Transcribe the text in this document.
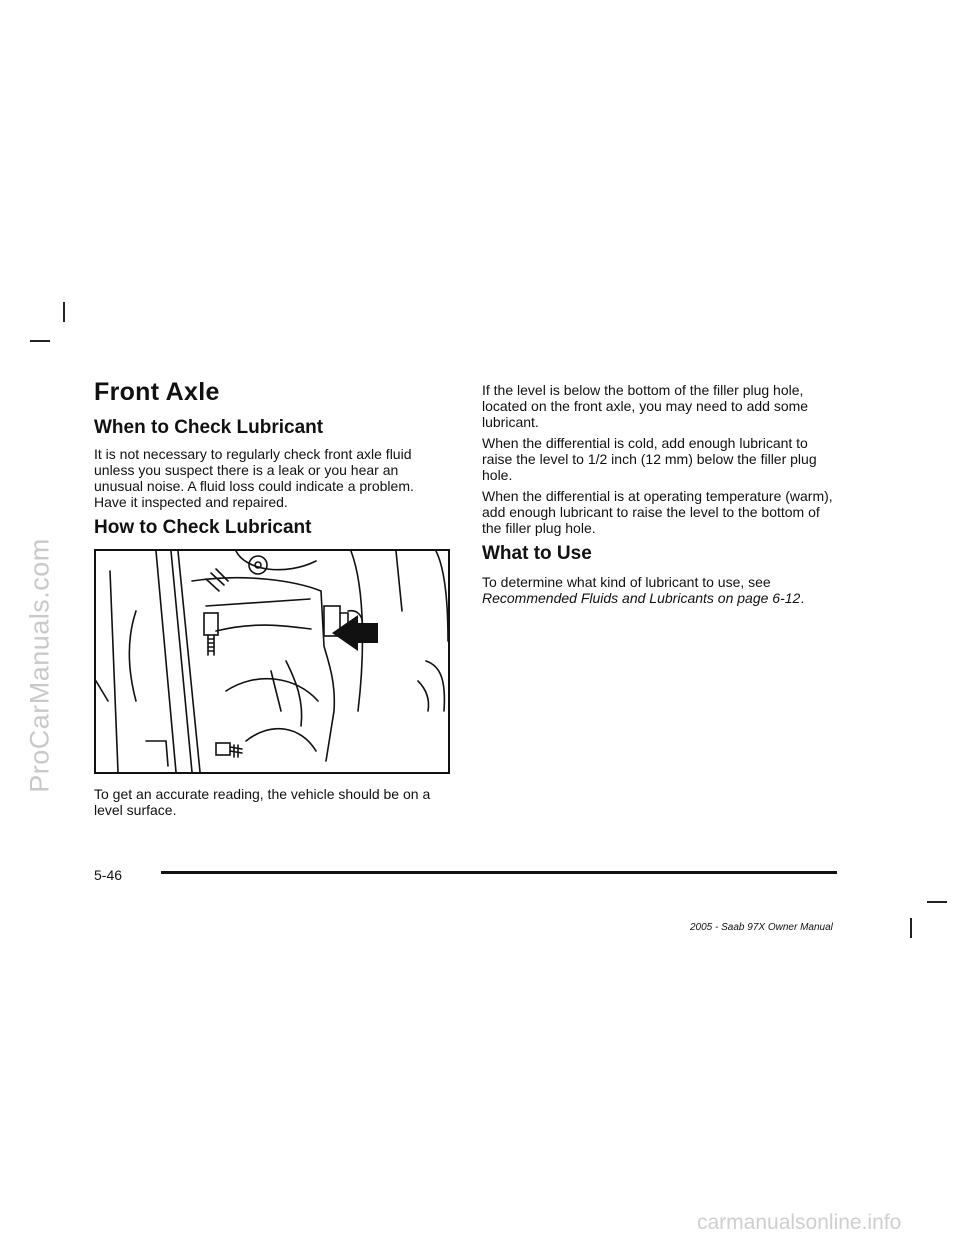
ProCarManuals.com
Front Axle
When to Check Lubricant
It is not necessary to regularly check front axle fluid unless you suspect there is a leak or you hear an unusual noise. A fluid loss could indicate a problem. Have it inspected and repaired.
How to Check Lubricant
To get an accurate reading, the vehicle should be on a level surface.
If the level is below the bottom of the filler plug hole, located on the front axle, you may need to add some lubricant.
When the differential is cold, add enough lubricant to raise the level to 1/2 inch (12 mm) below the filler plug hole.
When the differential is at operating temperature (warm), add enough lubricant to raise the level to the bottom of the filler plug hole.
What to Use
To determine what kind of lubricant to use, see
Recommended Fluids and Lubricants on page 6-12.
5-46
2005 - Saab 97X Owner Manual
carmanualsonline.info
